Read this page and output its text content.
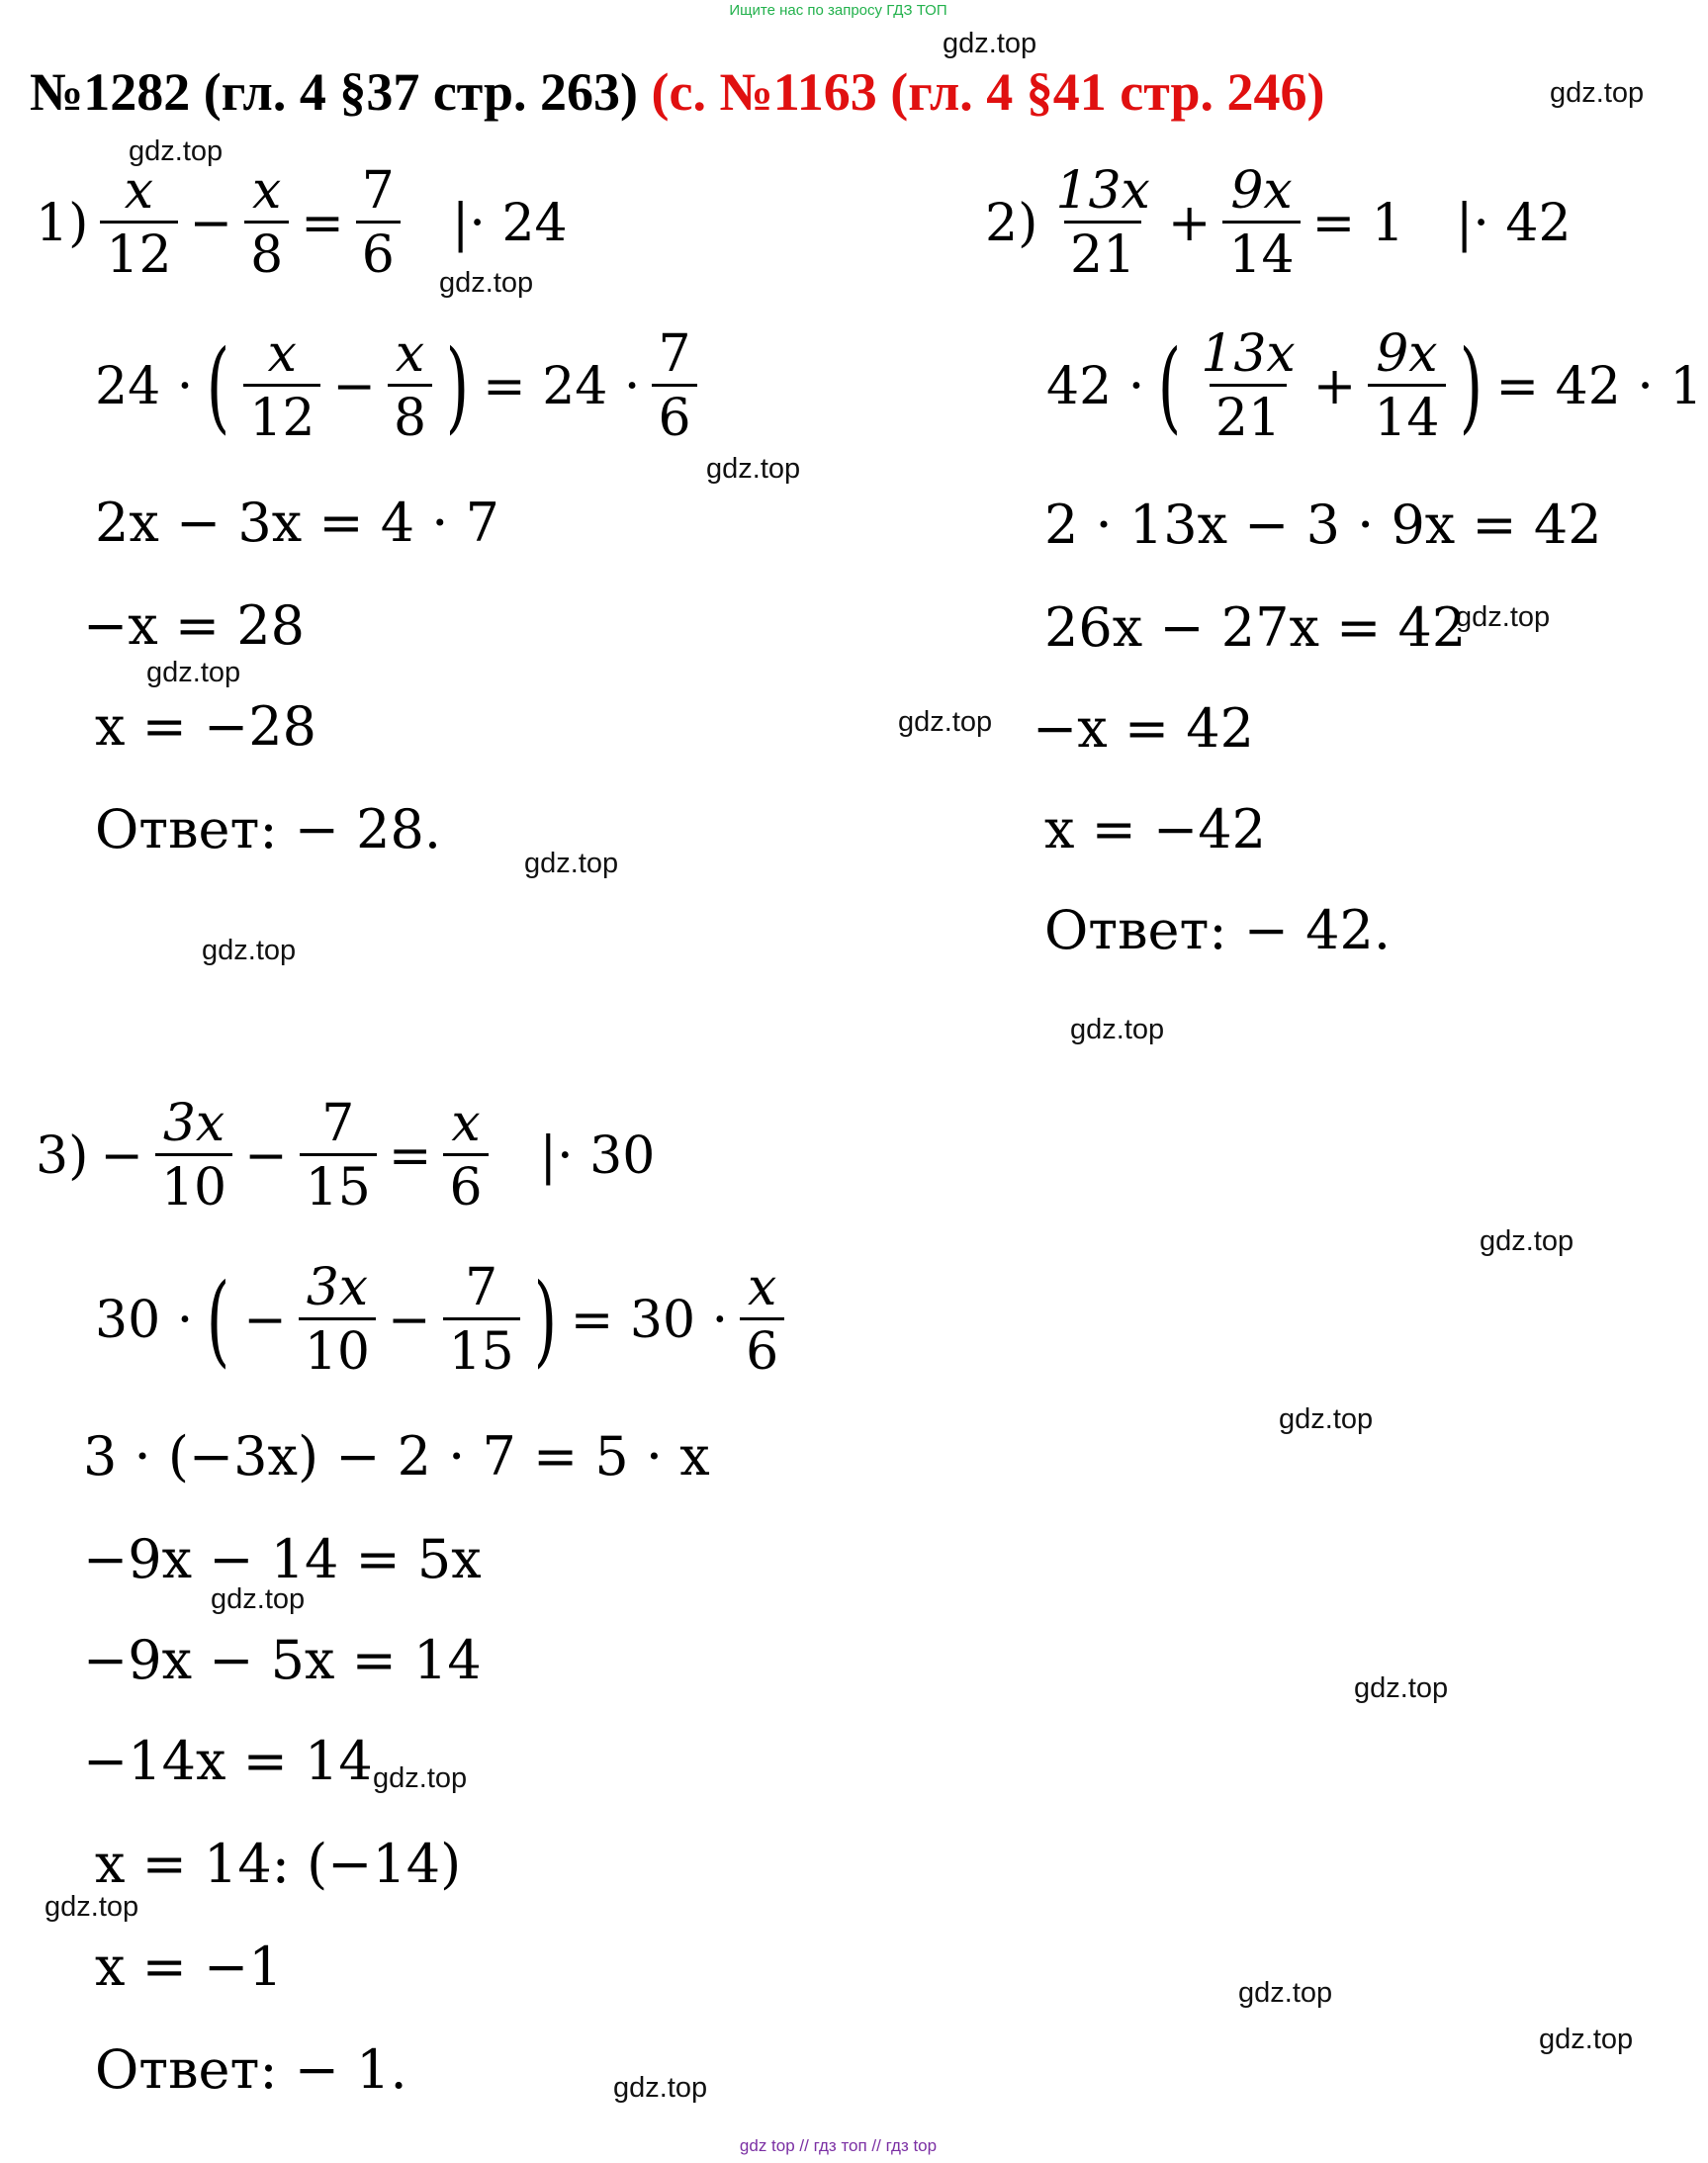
Ищите нас по запросу ГДЗ ТОП
№1282 (гл. 4 §37 стр. 263) (с. №1163 (гл. 4 §41 стр. 246)
gdz.top
gdz.top
gdz.top
gdz.top
gdz.top
gdz.top
gdz.top
gdz.top
gdz.top
gdz.top
gdz.top
gdz.top
gdz.top
gdz.top
gdz.top
gdz.top
gdz.top
gdz.top
gdz.top
gdz.top
$1) \frac{x}{12} - \frac{x}{8} = \frac{7}{6}$ |· 24
24 · ( $\frac{x}{12} - \frac{x}{8}$ ) = $24 \cdot \frac{7}{6}$
2x − 3x = 4 · 7
−x = 28
x = −28
Ответ: − 28.
$2) \frac{13x}{21} + \frac{9x}{14} = 1$ |· 42
42 · ( $\frac{13x}{21} + \frac{9x}{14}$ ) = 42 · 1
2 · 13x − 3 · 9x = 42
26x − 27x = 42
−x = 42
x = −42
Ответ: − 42.
$3) - \frac{3x}{10} - \frac{7}{15} = \frac{x}{6}$ |· 30
30 · ( − $\frac{3x}{10} - \frac{7}{15}$ ) = $30 \cdot \frac{x}{6}$
3 · (−3x) − 2 · 7 = 5 · x
−9x − 14 = 5x
−9x − 5x = 14
−14x = 14
x = 14: (−14)
x = −1
Ответ: − 1.
gdz top // гдз топ // гдз top
